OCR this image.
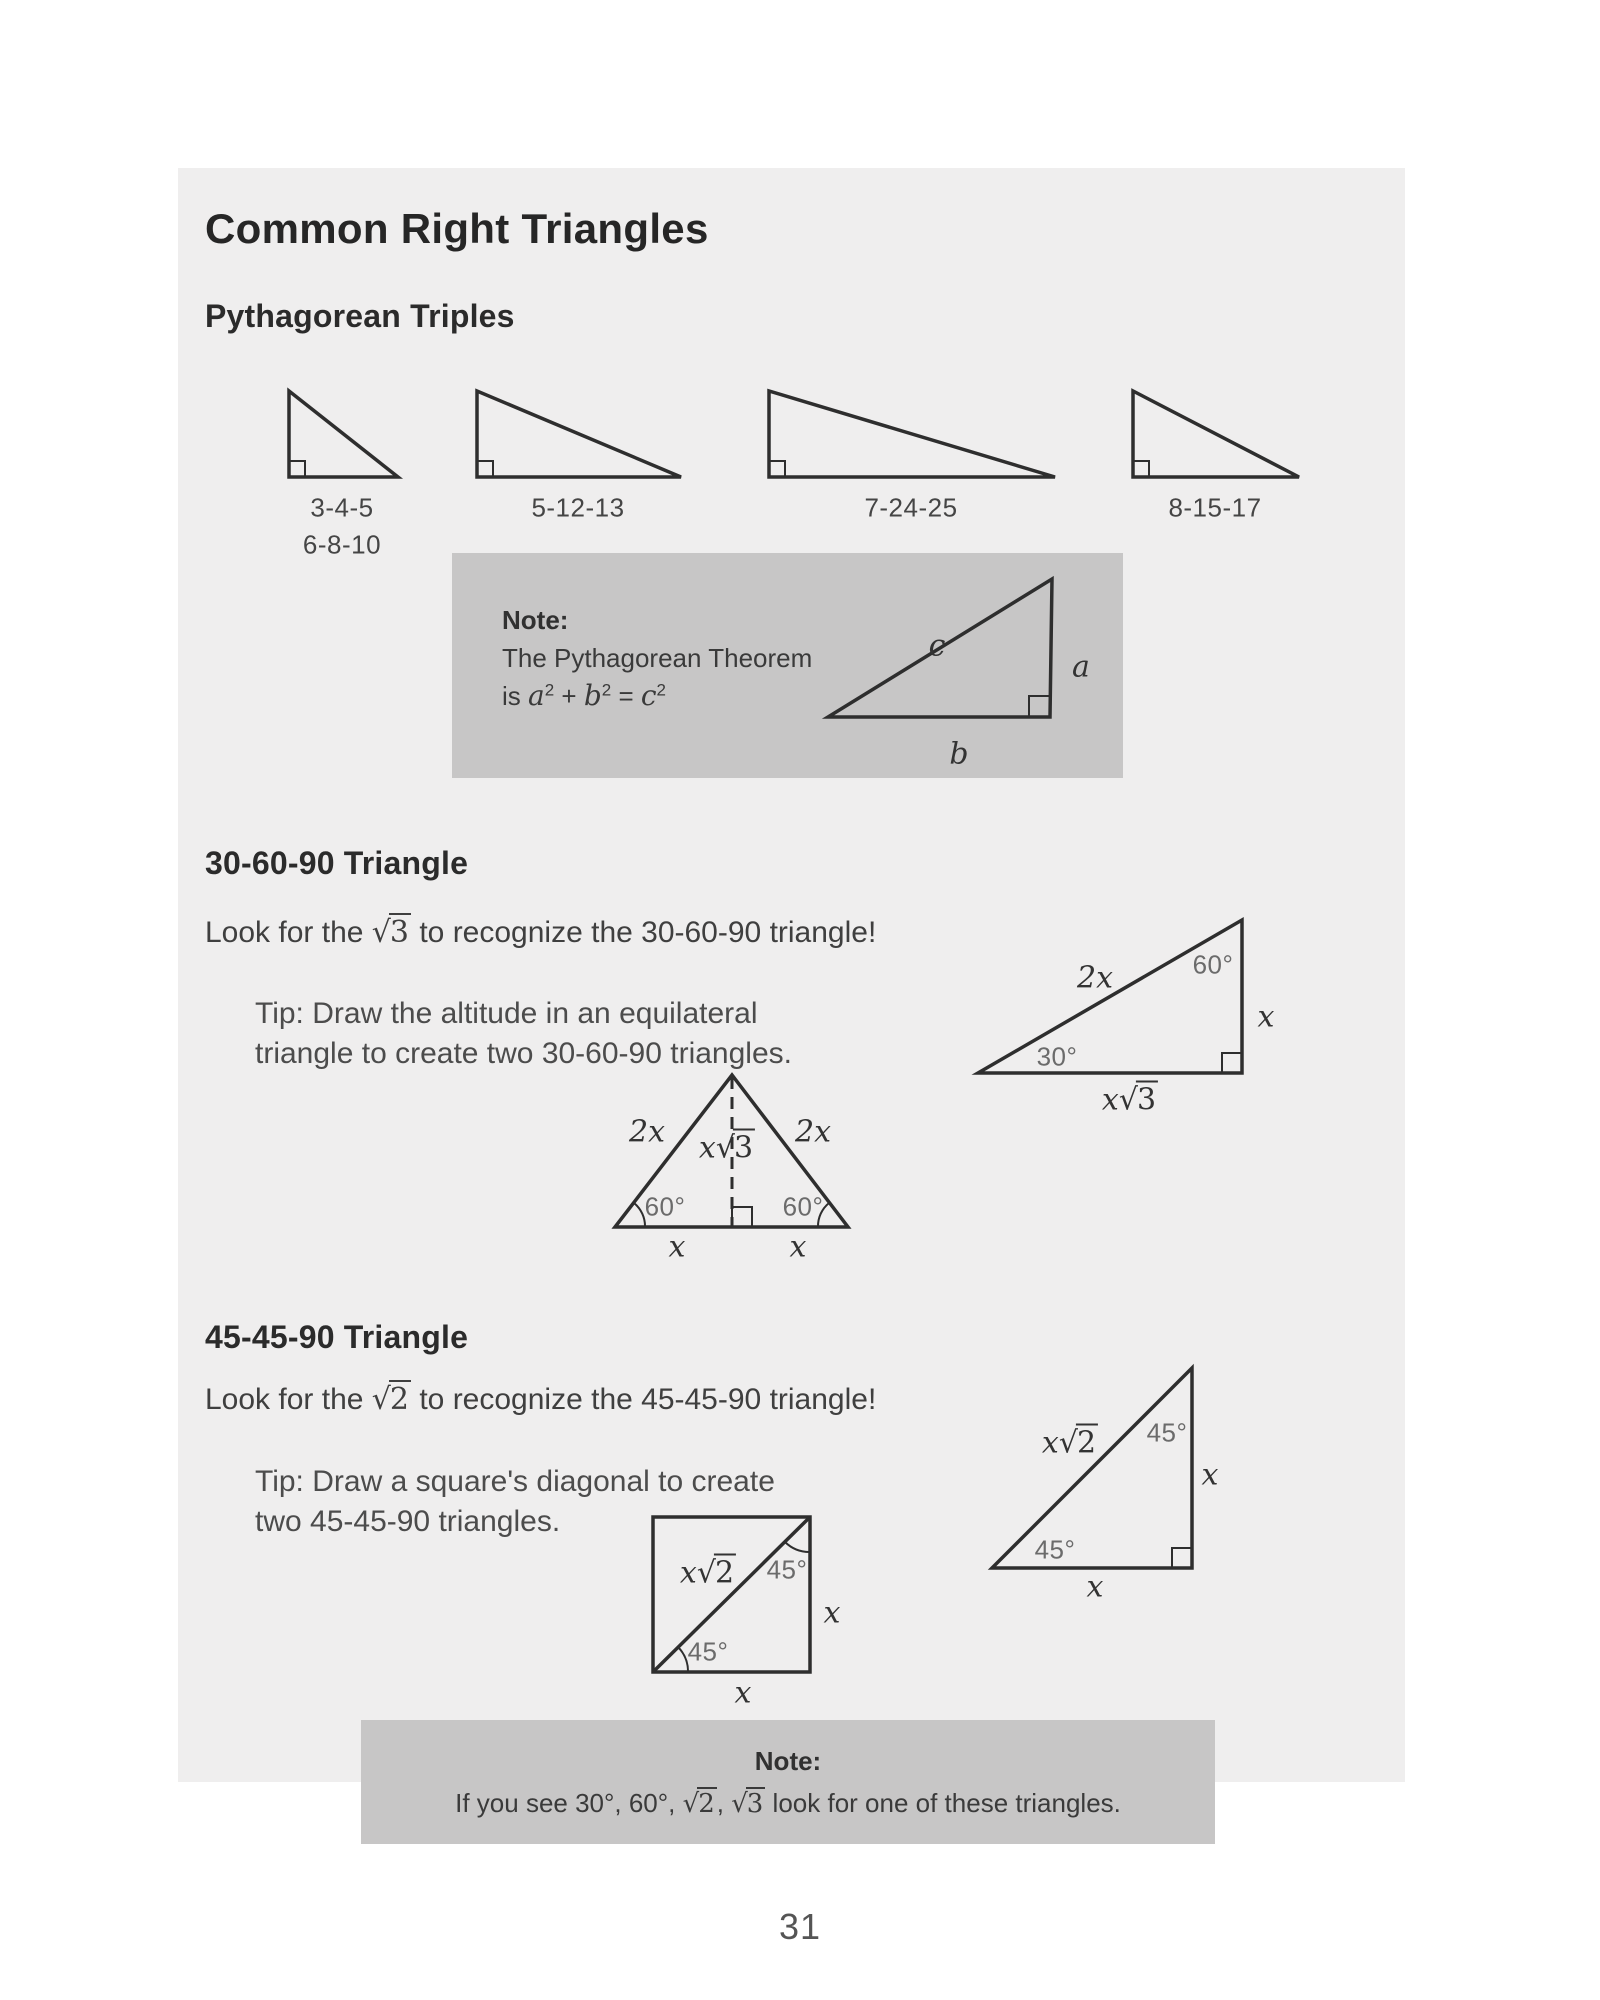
Common Right Triangles
Pythagorean Triples
3-4-5
6-8-10
5-12-13	7-24-25	8-15-17
Note:
The Pythagorean Theorem
is $a^2 + b^2 = c^2$
c
a
b
30-60-90 Triangle
Look for the √3 to recognize the 30-60-90 triangle!
Tip: Draw the altitude in an equilateral
triangle to create two 30-60-90 triangles.
2x	60°
x
30°
x√3
2x	2x
x√3
60°	60°
x	x
45-45-90 Triangle
Look for the √2 to recognize the 45-45-90 triangle!
Tip: Draw a square's diagonal to create
two 45-45-90 triangles.
x√2 45°
x
45°
x
x√2 45°
45°
x
x
Note:
If you see 30°, 60°, √2, √3 look for one of these triangles.
31
